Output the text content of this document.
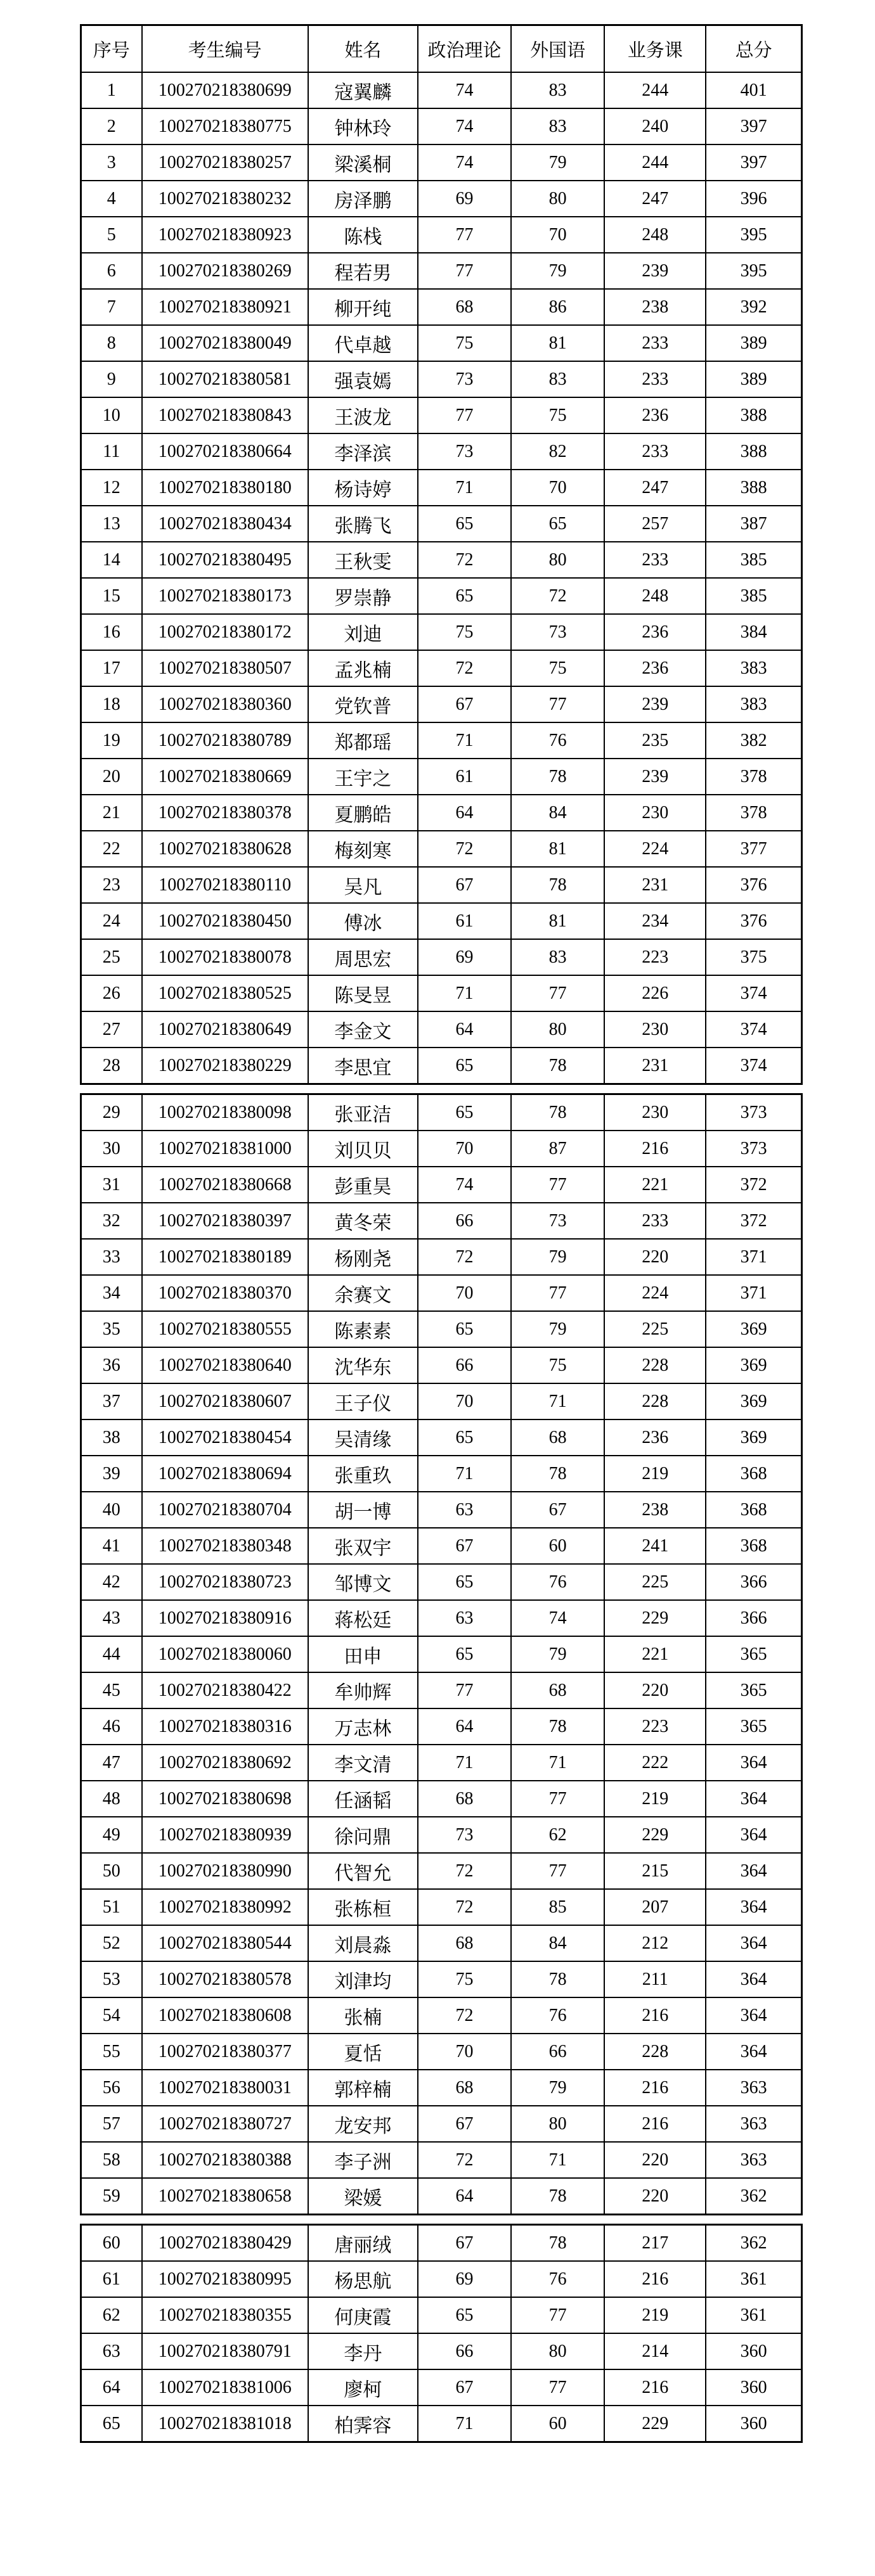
序号	考生编号	姓名	政治理论	外国语	业务课	总分
1	100270218380699	寇翼麟	74	83	244	401
2	100270218380775	钟林玲	74	83	240	397
3	100270218380257	梁溪桐	74	79	244	397
4	100270218380232	房泽鹏	69	80	247	396
5	100270218380923	陈栈	77	70	248	395
6	100270218380269	程若男	77	79	239	395
7	100270218380921	柳开纯	68	86	238	392
8	100270218380049	代卓越	75	81	233	389
9	100270218380581	强袁嫣	73	83	233	389
10	100270218380843	王波龙	77	75	236	388
11	100270218380664	李泽滨	73	82	233	388
12	100270218380180	杨诗婷	71	70	247	388
13	100270218380434	张腾飞	65	65	257	387
14	100270218380495	王秋雯	72	80	233	385
15	100270218380173	罗崇静	65	72	248	385
16	100270218380172	刘迪	75	73	236	384
17	100270218380507	孟兆楠	72	75	236	383
18	100270218380360	党钦普	67	77	239	383
19	100270218380789	郑都瑶	71	76	235	382
20	100270218380669	王宇之	61	78	239	378
21	100270218380378	夏鹏皓	64	84	230	378
22	100270218380628	梅刻寒	72	81	224	377
23	100270218380110	吴凡	67	78	231	376
24	100270218380450	傅冰	61	81	234	376
25	100270218380078	周思宏	69	83	223	375
26	100270218380525	陈旻昱	71	77	226	374
27	100270218380649	李金文	64	80	230	374
28	100270218380229	李思宜	65	78	231	374
29	100270218380098	张亚洁	65	78	230	373
30	100270218381000	刘贝贝	70	87	216	373
31	100270218380668	彭重昊	74	77	221	372
32	100270218380397	黄冬荣	66	73	233	372
33	100270218380189	杨刚尧	72	79	220	371
34	100270218380370	余赛文	70	77	224	371
35	100270218380555	陈素素	65	79	225	369
36	100270218380640	沈华东	66	75	228	369
37	100270218380607	王子仪	70	71	228	369
38	100270218380454	吴清缘	65	68	236	369
39	100270218380694	张重玖	71	78	219	368
40	100270218380704	胡一博	63	67	238	368
41	100270218380348	张双宇	67	60	241	368
42	100270218380723	邹博文	65	76	225	366
43	100270218380916	蒋松廷	63	74	229	366
44	100270218380060	田申	65	79	221	365
45	100270218380422	牟帅辉	77	68	220	365
46	100270218380316	万志林	64	78	223	365
47	100270218380692	李文清	71	71	222	364
48	100270218380698	任涵韬	68	77	219	364
49	100270218380939	徐问鼎	73	62	229	364
50	100270218380990	代智允	72	77	215	364
51	100270218380992	张栋桓	72	85	207	364
52	100270218380544	刘晨淼	68	84	212	364
53	100270218380578	刘津均	75	78	211	364
54	100270218380608	张楠	72	76	216	364
55	100270218380377	夏恬	70	66	228	364
56	100270218380031	郭梓楠	68	79	216	363
57	100270218380727	龙安邦	67	80	216	363
58	100270218380388	李子洲	72	71	220	363
59	100270218380658	梁媛	64	78	220	362
60	100270218380429	唐丽绒	67	78	217	362
61	100270218380995	杨思航	69	76	216	361
62	100270218380355	何庚霞	65	77	219	361
63	100270218380791	李丹	66	80	214	360
64	100270218381006	廖柯	67	77	216	360
65	100270218381018	柏霁容	71	60	229	360
